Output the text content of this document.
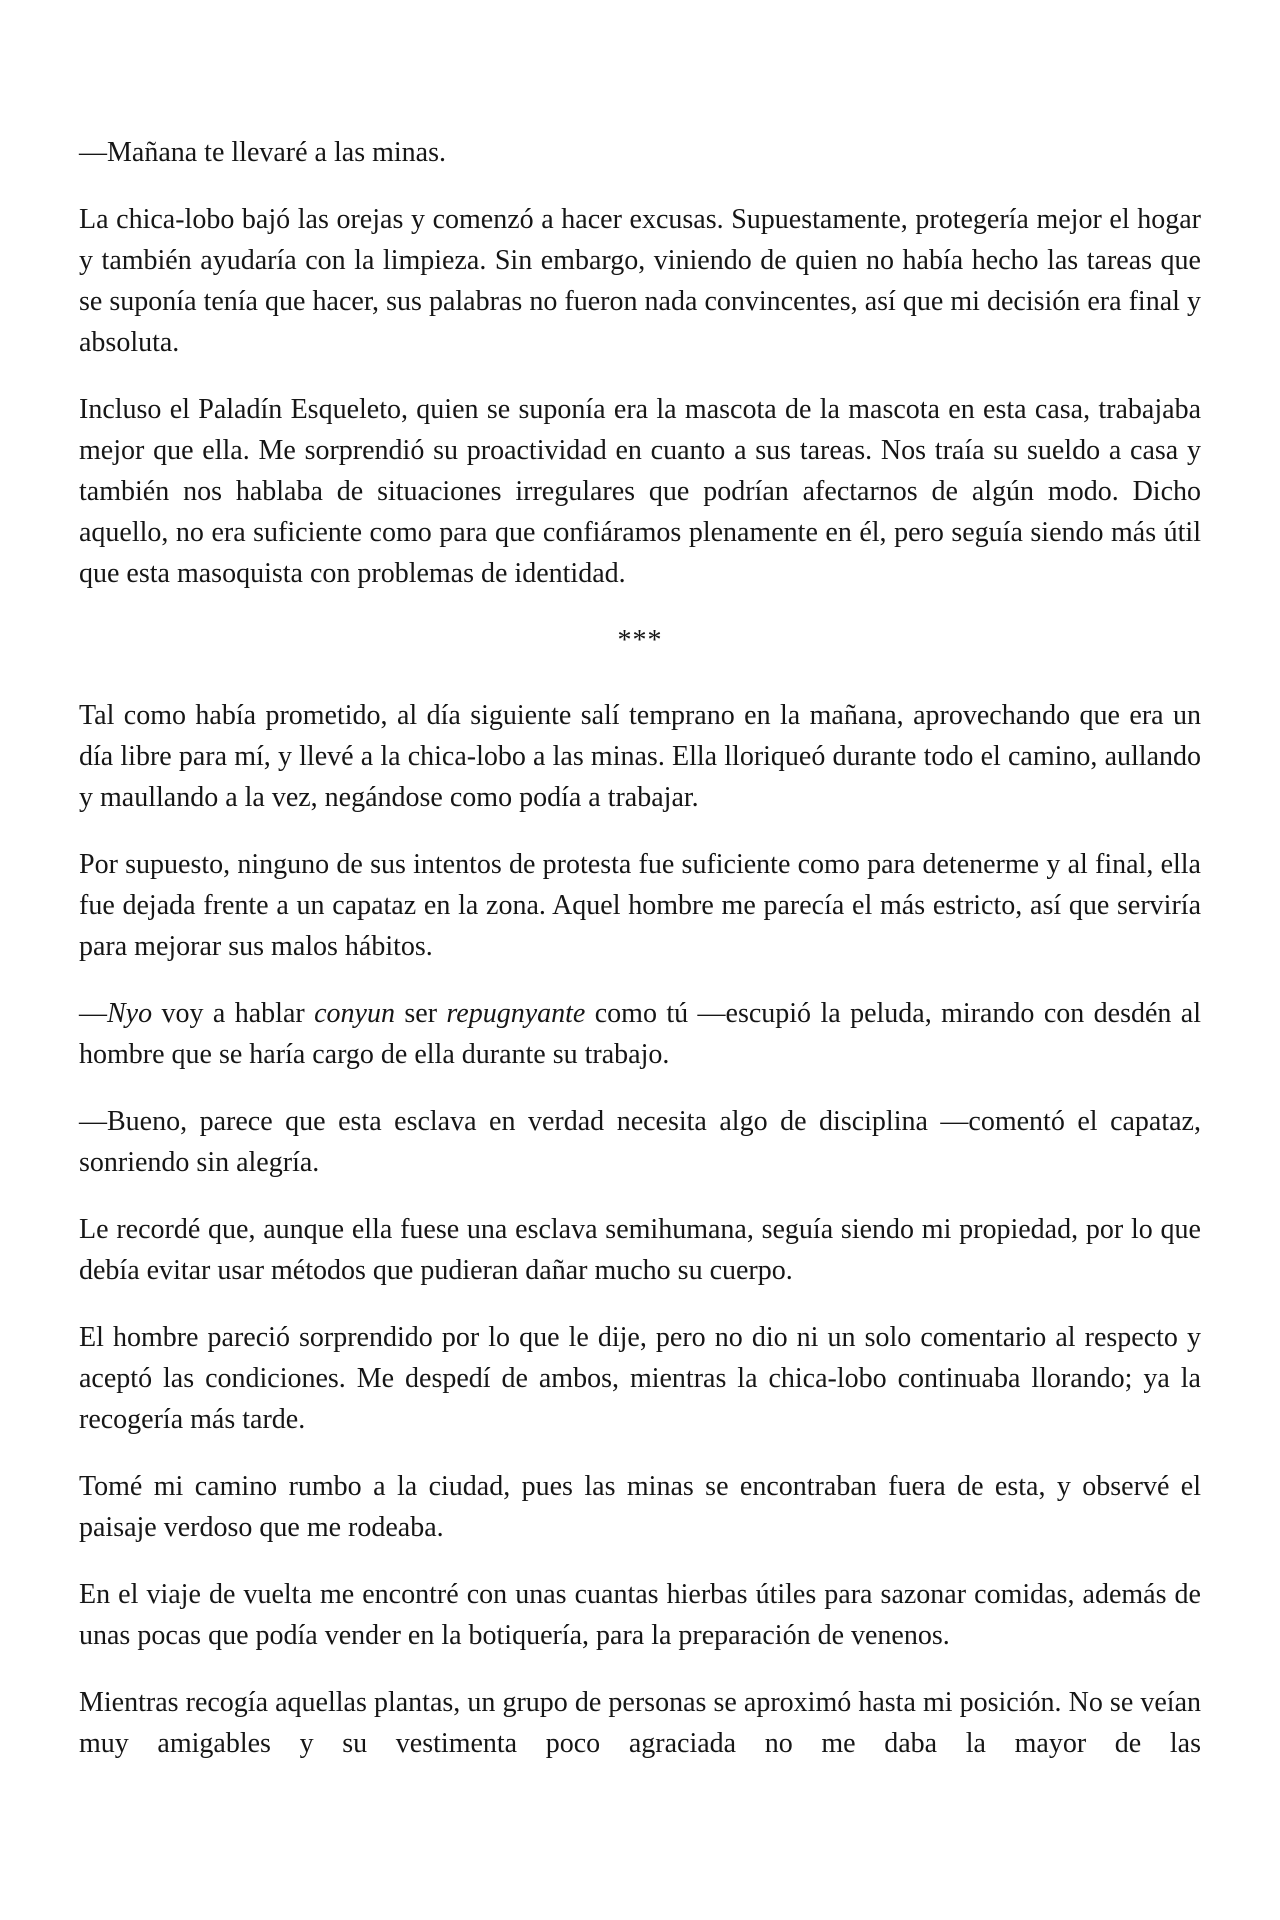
—Mañana te llevaré a las minas.

La chica-lobo bajó las orejas y comenzó a hacer excusas. Supuestamente, protegería mejor el hogar y también ayudaría con la limpieza. Sin embargo, viniendo de quien no había hecho las tareas que se suponía tenía que hacer, sus palabras no fueron nada convincentes, así que mi decisión era final y absoluta.

Incluso el Paladín Esqueleto, quien se suponía era la mascota de la mascota en esta casa, trabajaba mejor que ella. Me sorprendió su proactividad en cuanto a sus tareas. Nos traía su sueldo a casa y también nos hablaba de situaciones irregulares que podrían afectarnos de algún modo. Dicho aquello, no era suficiente como para que confiáramos plenamente en él, pero seguía siendo más útil que esta masoquista con problemas de identidad.

***

Tal como había prometido, al día siguiente salí temprano en la mañana, aprovechando que era un día libre para mí, y llevé a la chica-lobo a las minas. Ella lloriqueó durante todo el camino, aullando y maullando a la vez, negándose como podía a trabajar.

Por supuesto, ninguno de sus intentos de protesta fue suficiente como para detenerme y al final, ella fue dejada frente a un capataz en la zona. Aquel hombre me parecía el más estricto, así que serviría para mejorar sus malos hábitos.

—Nyo voy a hablar conyun ser repugnyante como tú —escupió la peluda, mirando con desdén al hombre que se haría cargo de ella durante su trabajo.

—Bueno, parece que esta esclava en verdad necesita algo de disciplina —comentó el capataz, sonriendo sin alegría.

Le recordé que, aunque ella fuese una esclava semihumana, seguía siendo mi propiedad, por lo que debía evitar usar métodos que pudieran dañar mucho su cuerpo.

El hombre pareció sorprendido por lo que le dije, pero no dio ni un solo comentario al respecto y aceptó las condiciones. Me despedí de ambos, mientras la chica-lobo continuaba llorando; ya la recogería más tarde.

Tomé mi camino rumbo a la ciudad, pues las minas se encontraban fuera de esta, y observé el paisaje verdoso que me rodeaba.

En el viaje de vuelta me encontré con unas cuantas hierbas útiles para sazonar comidas, además de unas pocas que podía vender en la botiquería, para la preparación de venenos.

Mientras recogía aquellas plantas, un grupo de personas se aproximó hasta mi posición. No se veían muy amigables y su vestimenta poco agraciada no me daba la mayor de las
